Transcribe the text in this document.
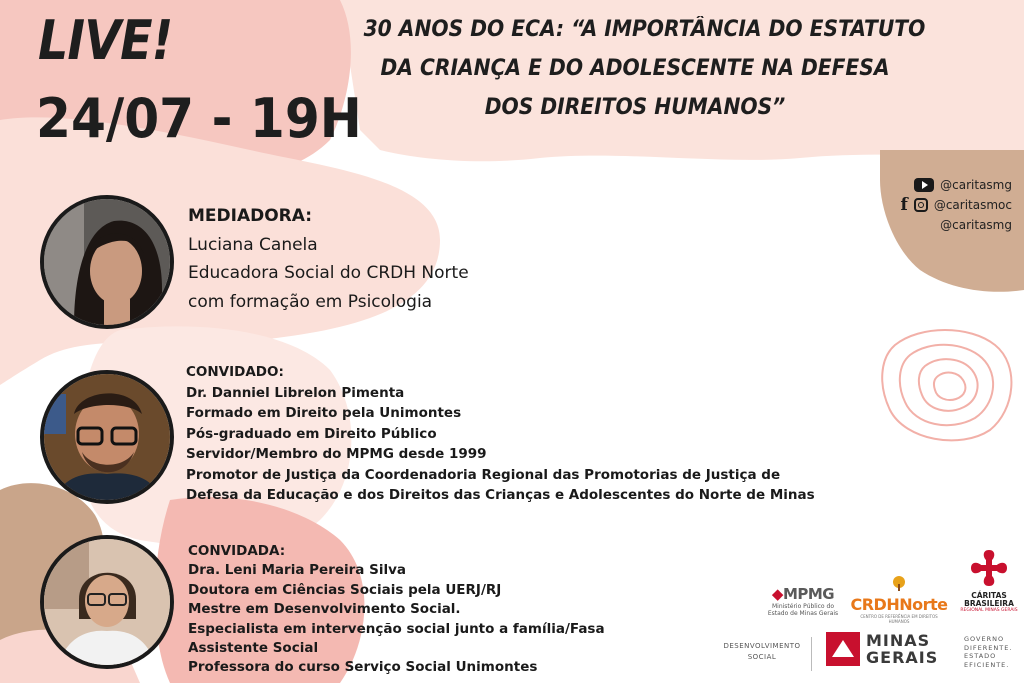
LIVE!
24/07 - 19H
30 ANOS DO ECA: “A IMPORTÂNCIA DO ESTATUTO
DA CRIANÇA E DO ADOLESCENTE NA DEFESA
DOS DIREITOS HUMANOS”
@caritasmg
f @caritasmoc
@caritasmg
MEDIADORA:
Luciana Canela
Educadora Social do CRDH Norte
com formação em Psicologia
CONVIDADO:
Dr. Danniel Librelon Pimenta
Formado em Direito pela Unimontes
Pós-graduado em Direito Público
Servidor/Membro do MPMG desde 1999
Promotor de Justiça da Coordenadoria Regional das Promotorias de Justiça de
Defesa da Educação e dos Direitos das Crianças e Adolescentes do Norte de Minas
CONVIDADA:
Dra. Leni Maria Pereira Silva
Doutora em Ciências Sociais pela UERJ/RJ
Mestre em Desenvolvimento Social.
Especialista em intervenção social junto a família/Fasa
Assistente Social
Professora do curso Serviço Social Unimontes
◆MPMG
Ministério Público do Estado de Minas Gerais CRDHNorte
CENTRO DE REFERÊNCIA EM DIREITOS HUMANOS
CÁRITAS
BRASILEIRA
REGIONAL MINAS GERAIS
DESENVOLVIMENTO
SOCIAL
MINAS
GERAIS
GOVERNO
DIFERENTE.
ESTADO
EFICIENTE.
